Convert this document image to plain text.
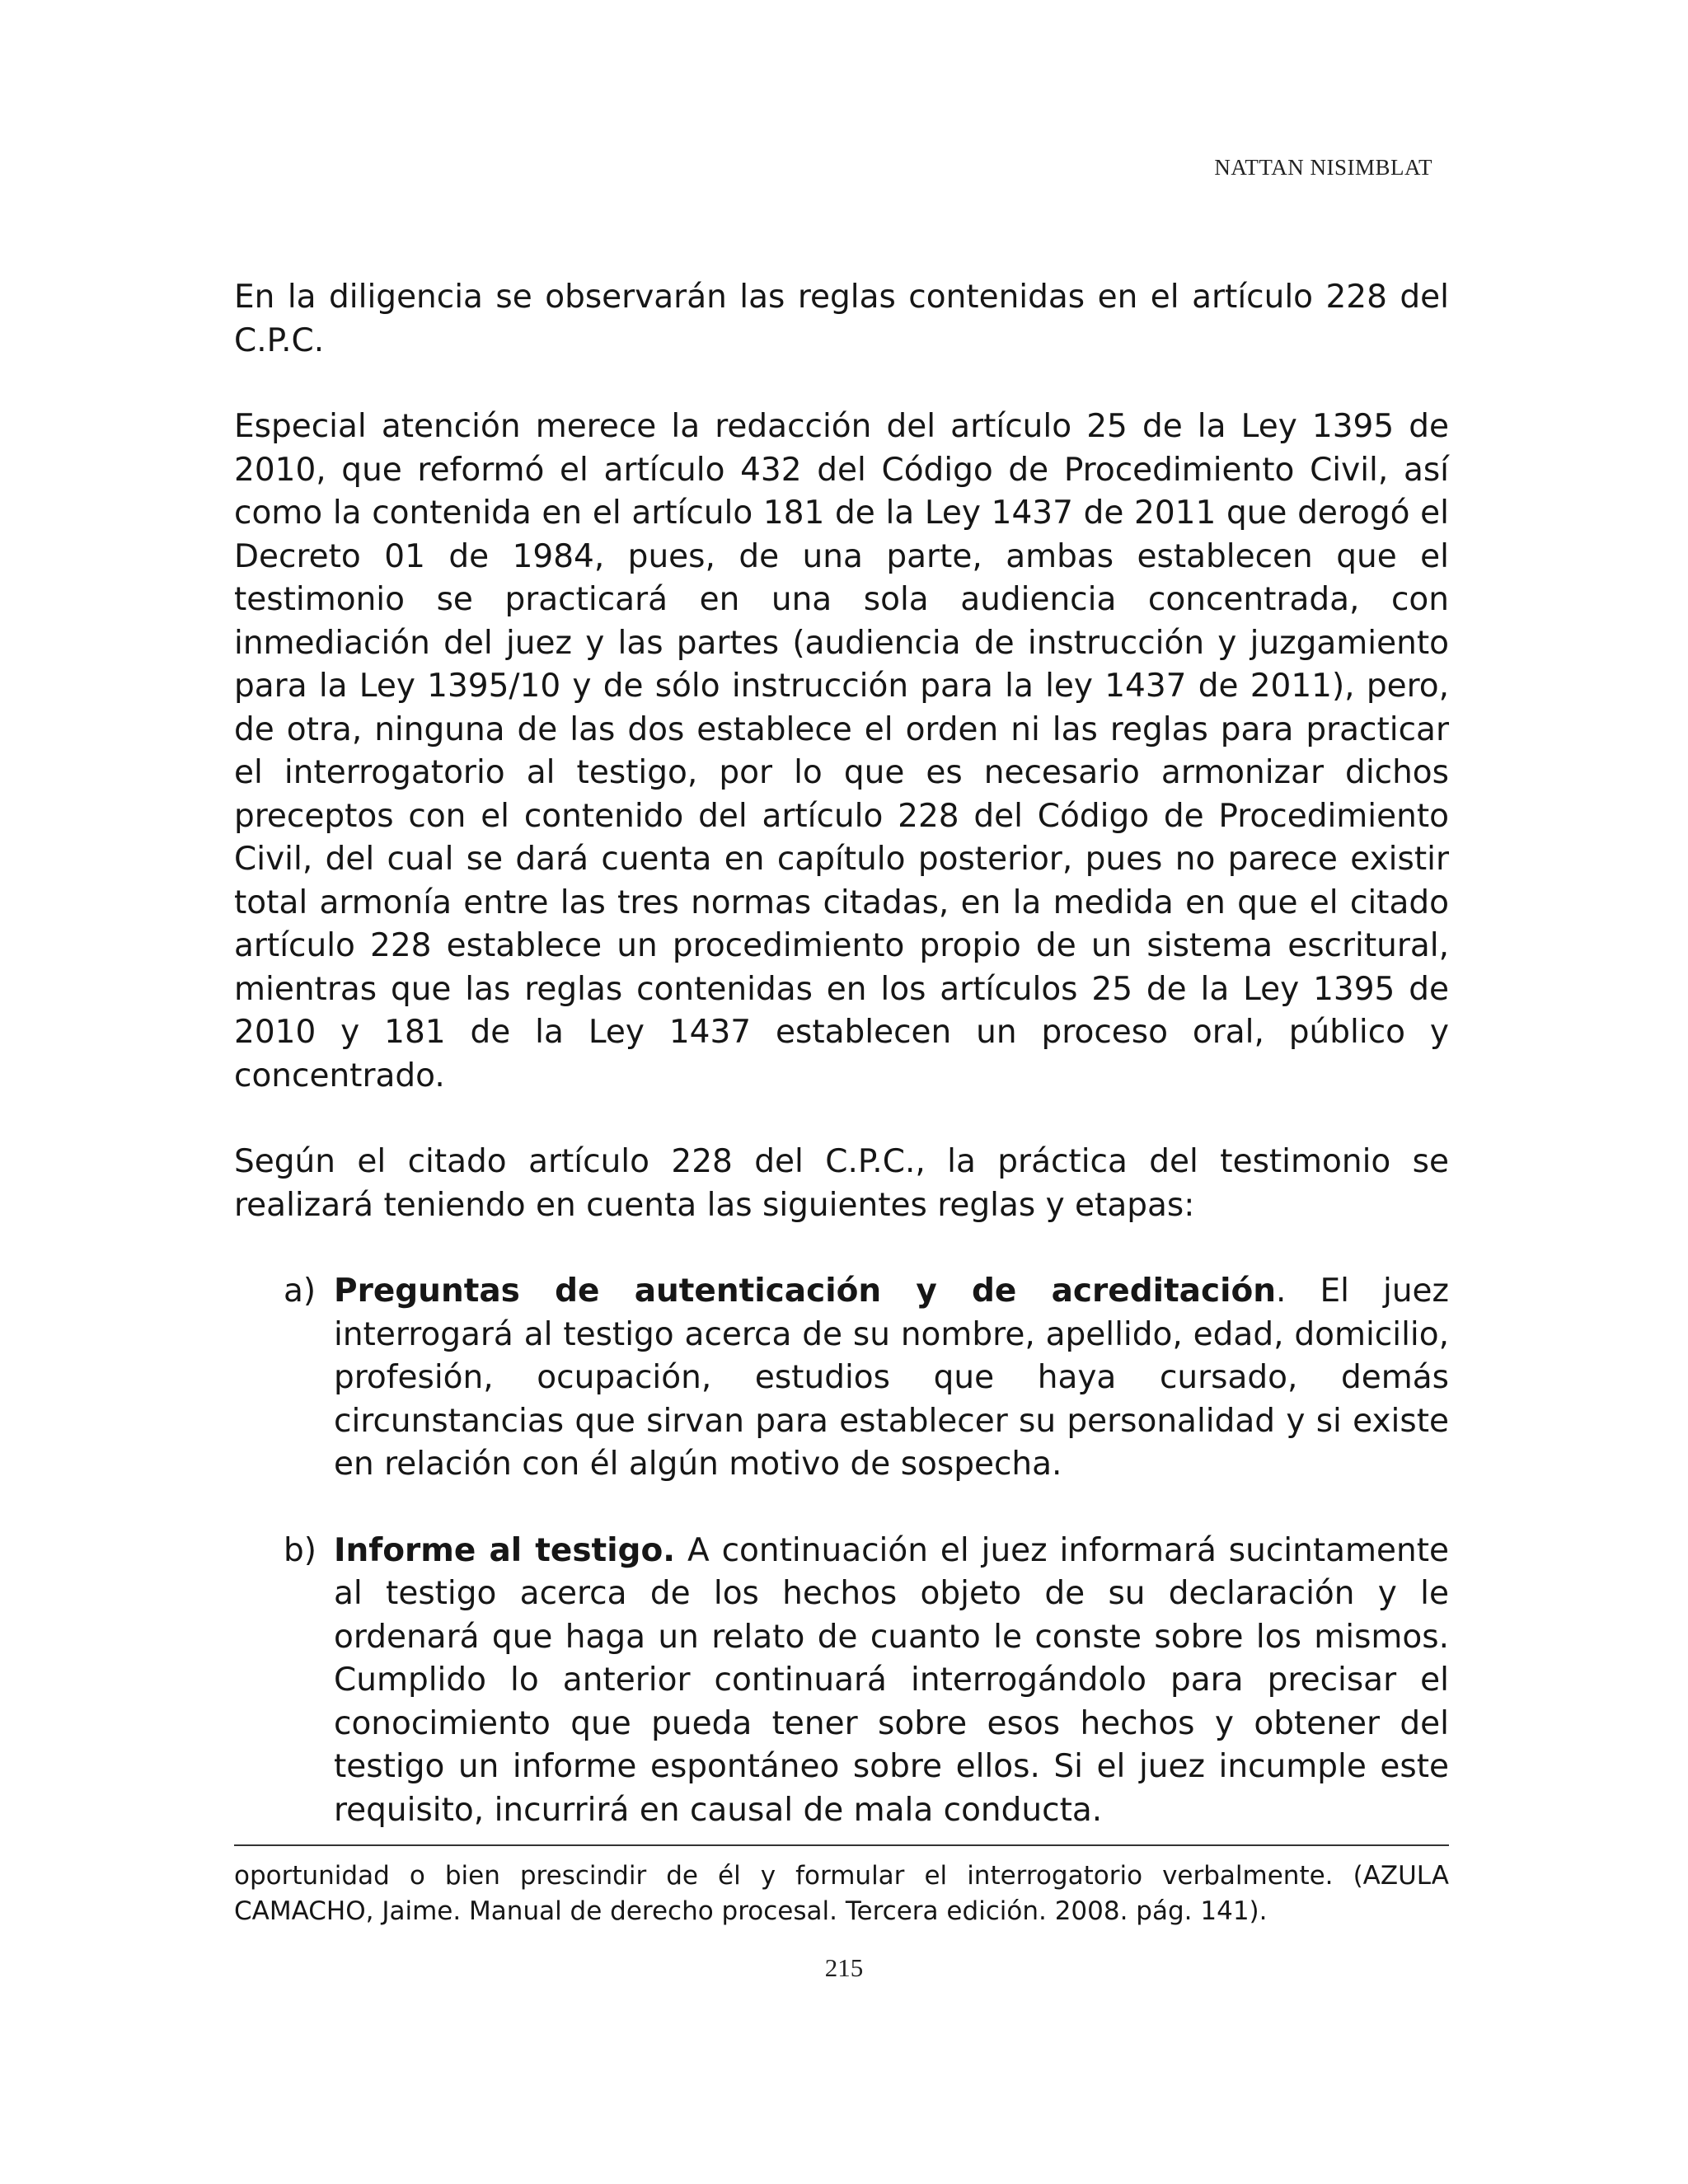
NATTAN NISIMBLAT

En la diligencia se observarán las reglas contenidas en el artículo 228 del C.P.C.

Especial atención merece la redacción del artículo 25 de la Ley 1395 de 2010, que reformó el artículo 432 del Código de Procedimiento Civil, así como la contenida en el artículo 181 de la Ley 1437 de 2011 que derogó el Decreto 01 de 1984, pues, de una parte, ambas establecen que el testimonio se practicará en una sola audiencia concentrada, con inmediación del juez y las partes (audiencia de instrucción y juzgamiento para la Ley 1395/10 y de sólo instrucción para la ley 1437 de 2011), pero, de otra, ninguna de las dos establece el orden ni las reglas para practicar el interrogatorio al testigo, por lo que es necesario armonizar dichos preceptos con el contenido del artículo 228 del Código de Procedimiento Civil, del cual se dará cuenta en capítulo posterior, pues no parece existir total armonía entre las tres normas citadas, en la medida en que el citado artículo 228 establece un procedimiento propio de un sistema escritural, mientras que las reglas contenidas en los artículos 25 de la Ley 1395 de 2010 y 181 de la Ley 1437 establecen un proceso oral, público y concentrado.

Según el citado artículo 228 del C.P.C., la práctica del testimonio se realizará teniendo en cuenta las siguientes reglas y etapas:

a) Preguntas de autenticación y de acreditación. El juez interrogará al testigo acerca de su nombre, apellido, edad, domicilio, profesión, ocupación, estudios que haya cursado, demás circunstancias que sirvan para establecer su personalidad y si existe en relación con él algún motivo de sospecha.
b) Informe al testigo. A continuación el juez informará sucintamente al testigo acerca de los hechos objeto de su declaración y le ordenará que haga un relato de cuanto le conste sobre los mismos. Cumplido lo anterior continuará interrogándolo para precisar el conocimiento que pueda tener sobre esos hechos y obtener del testigo un informe espontáneo sobre ellos. Si el juez incumple este requisito, incurrirá en causal de mala conducta.
oportunidad o bien prescindir de él y formular el interrogatorio verbalmente. (AZULA CAMACHO, Jaime. Manual de derecho procesal. Tercera edición. 2008. pág. 141).
215
